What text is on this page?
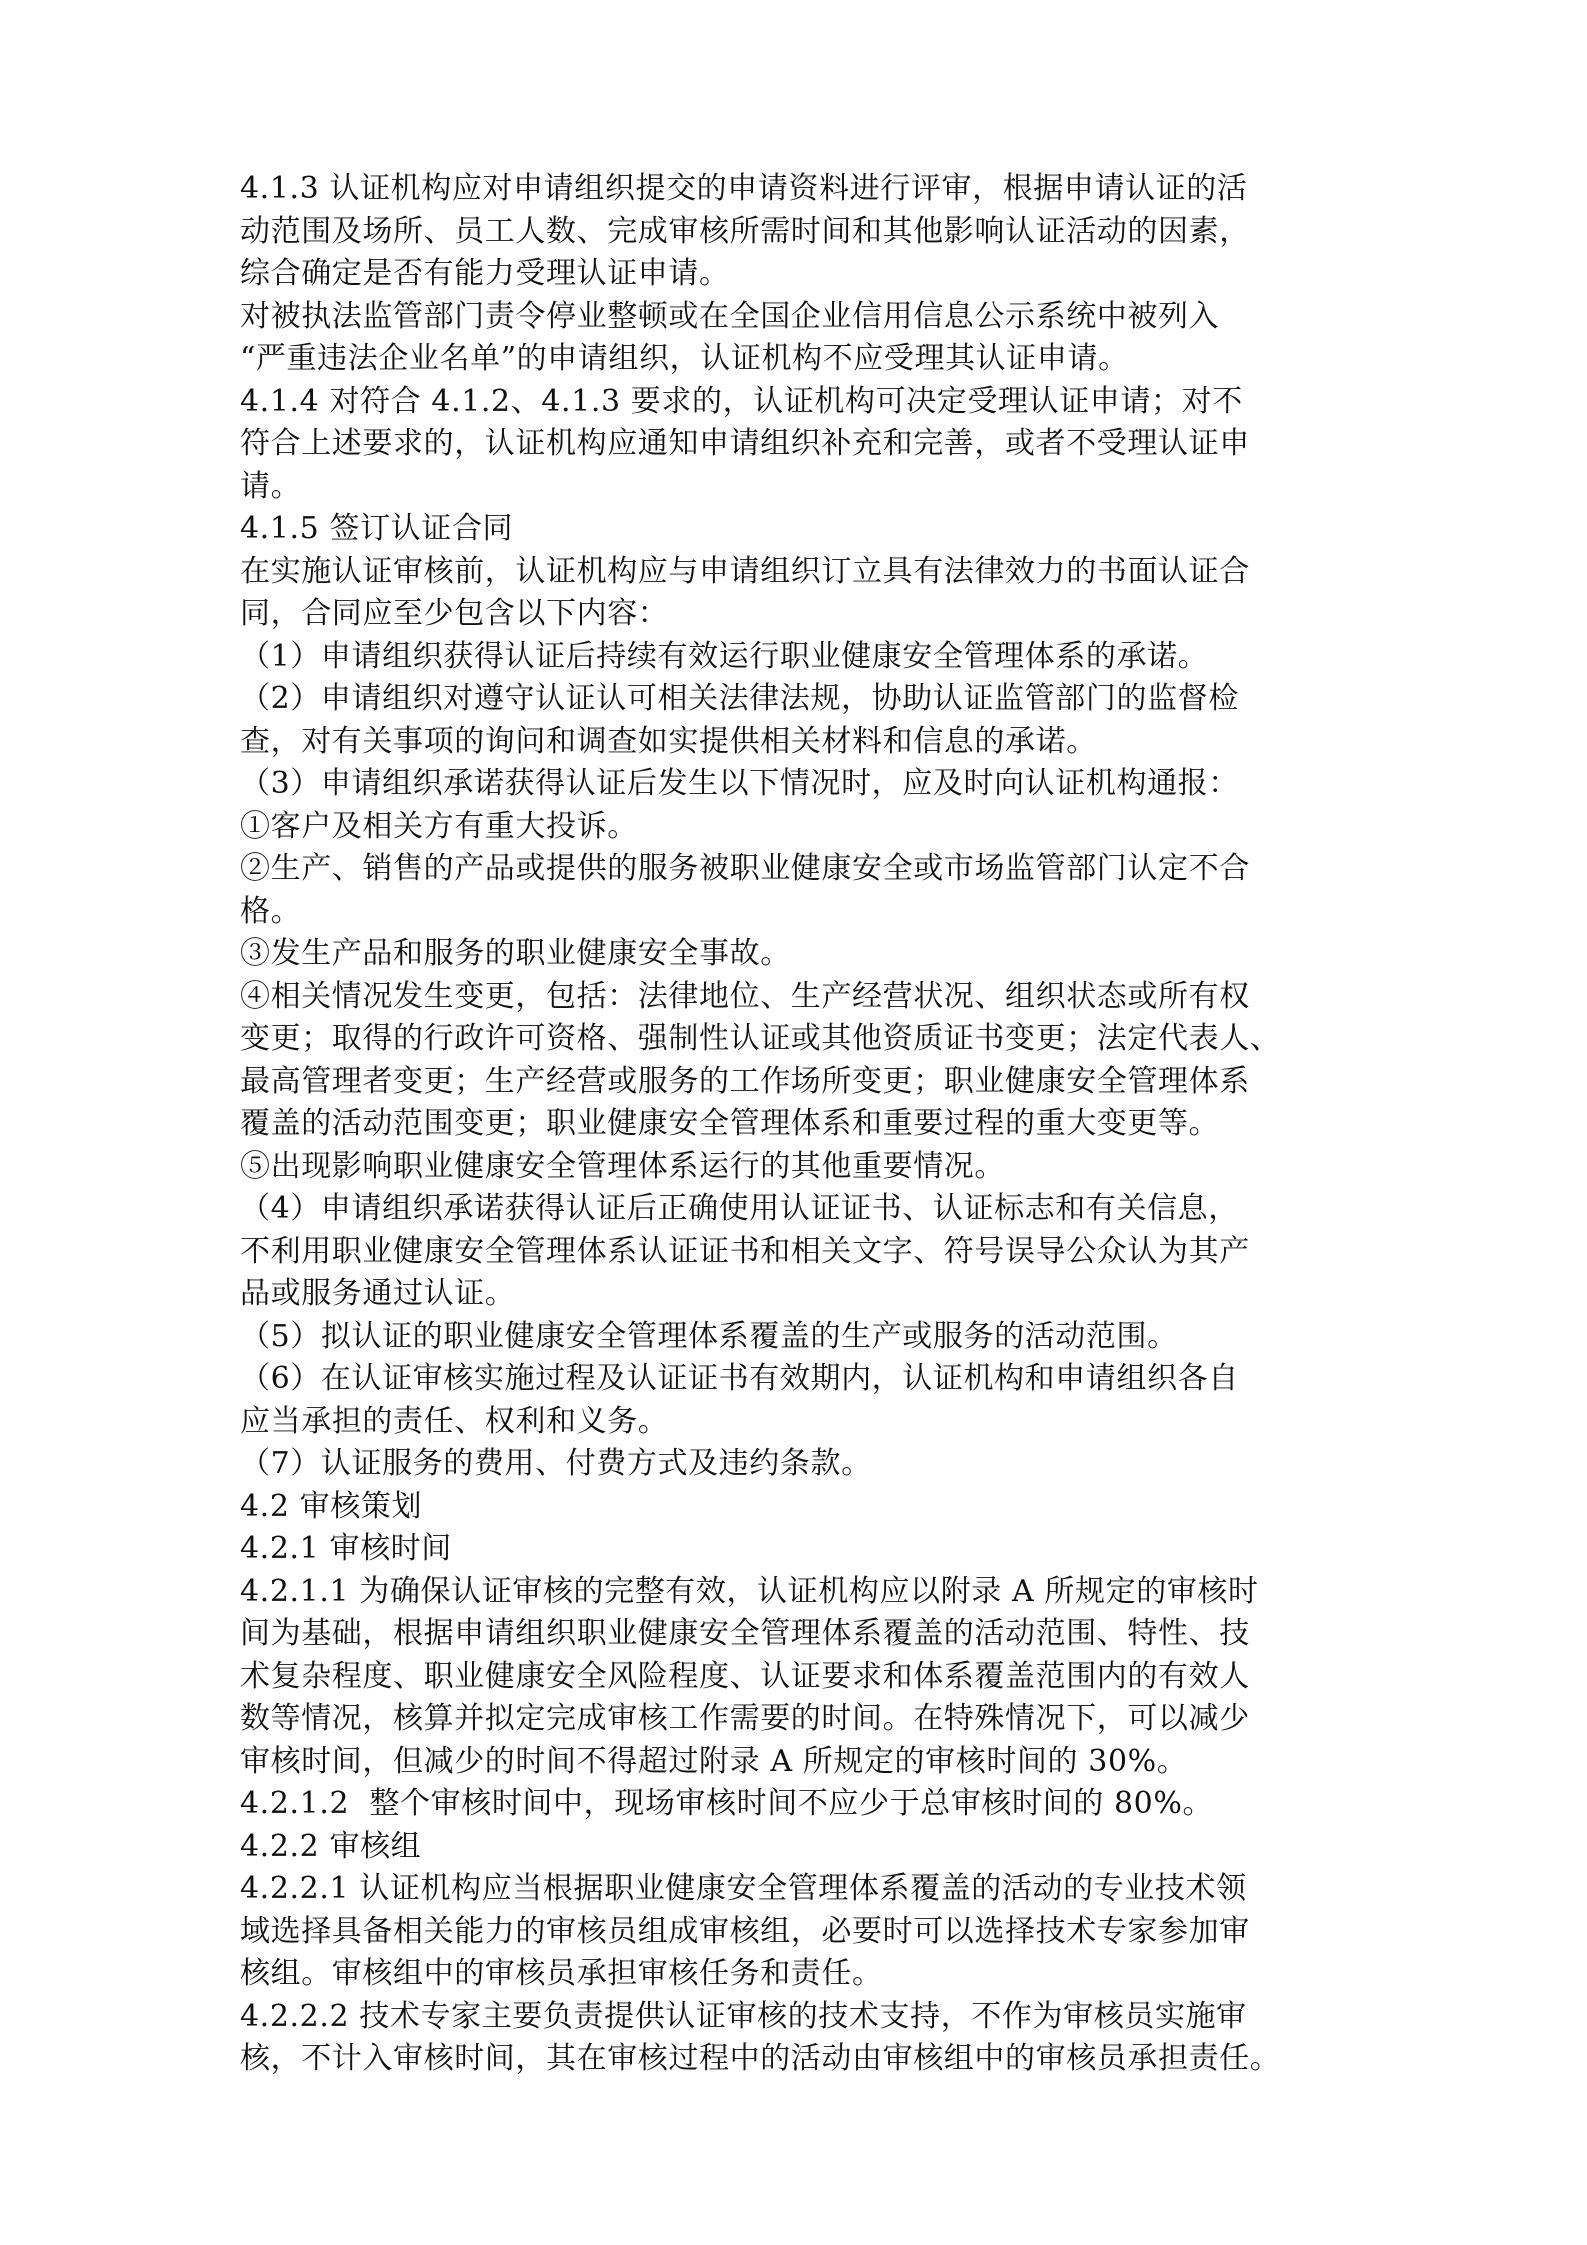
4.1.3 认证机构应对申请组织提交的申请资料进行评审，根据申请认证的活
动范围及场所、员工人数、完成审核所需时间和其他影响认证活动的因素，
综合确定是否有能力受理认证申请。
对被执法监管部门责令停业整顿或在全国企业信用信息公示系统中被列入
“严重违法企业名单”的申请组织，认证机构不应受理其认证申请。
4.1.4 对符合 4.1.2、4.1.3 要求的，认证机构可决定受理认证申请；对不
符合上述要求的，认证机构应通知申请组织补充和完善，或者不受理认证申
请。
4.1.5 签订认证合同
在实施认证审核前，认证机构应与申请组织订立具有法律效力的书面认证合
同，合同应至少包含以下内容：
（1）申请组织获得认证后持续有效运行职业健康安全管理体系的承诺。
（2）申请组织对遵守认证认可相关法律法规，协助认证监管部门的监督检
查，对有关事项的询问和调查如实提供相关材料和信息的承诺。
（3）申请组织承诺获得认证后发生以下情况时，应及时向认证机构通报：
①客户及相关方有重大投诉。
②生产、销售的产品或提供的服务被职业健康安全或市场监管部门认定不合
格。
③发生产品和服务的职业健康安全事故。
④相关情况发生变更，包括：法律地位、生产经营状况、组织状态或所有权
变更；取得的行政许可资格、强制性认证或其他资质证书变更；法定代表人、
最高管理者变更；生产经营或服务的工作场所变更；职业健康安全管理体系
覆盖的活动范围变更；职业健康安全管理体系和重要过程的重大变更等。
⑤出现影响职业健康安全管理体系运行的其他重要情况。
（4）申请组织承诺获得认证后正确使用认证证书、认证标志和有关信息，
不利用职业健康安全管理体系认证证书和相关文字、符号误导公众认为其产
品或服务通过认证。
（5）拟认证的职业健康安全管理体系覆盖的生产或服务的活动范围。
（6）在认证审核实施过程及认证证书有效期内，认证机构和申请组织各自
应当承担的责任、权利和义务。
（7）认证服务的费用、付费方式及违约条款。
4.2 审核策划
4.2.1 审核时间
4.2.1.1 为确保认证审核的完整有效，认证机构应以附录 A 所规定的审核时
间为基础，根据申请组织职业健康安全管理体系覆盖的活动范围、特性、技
术复杂程度、职业健康安全风险程度、认证要求和体系覆盖范围内的有效人
数等情况，核算并拟定完成审核工作需要的时间。在特殊情况下，可以减少
审核时间，但减少的时间不得超过附录 A 所规定的审核时间的 30%。
4.2.1.2  整个审核时间中，现场审核时间不应少于总审核时间的 80%。
4.2.2 审核组
4.2.2.1 认证机构应当根据职业健康安全管理体系覆盖的活动的专业技术领
域选择具备相关能力的审核员组成审核组，必要时可以选择技术专家参加审
核组。审核组中的审核员承担审核任务和责任。
4.2.2.2 技术专家主要负责提供认证审核的技术支持，不作为审核员实施审
核，不计入审核时间，其在审核过程中的活动由审核组中的审核员承担责任。
